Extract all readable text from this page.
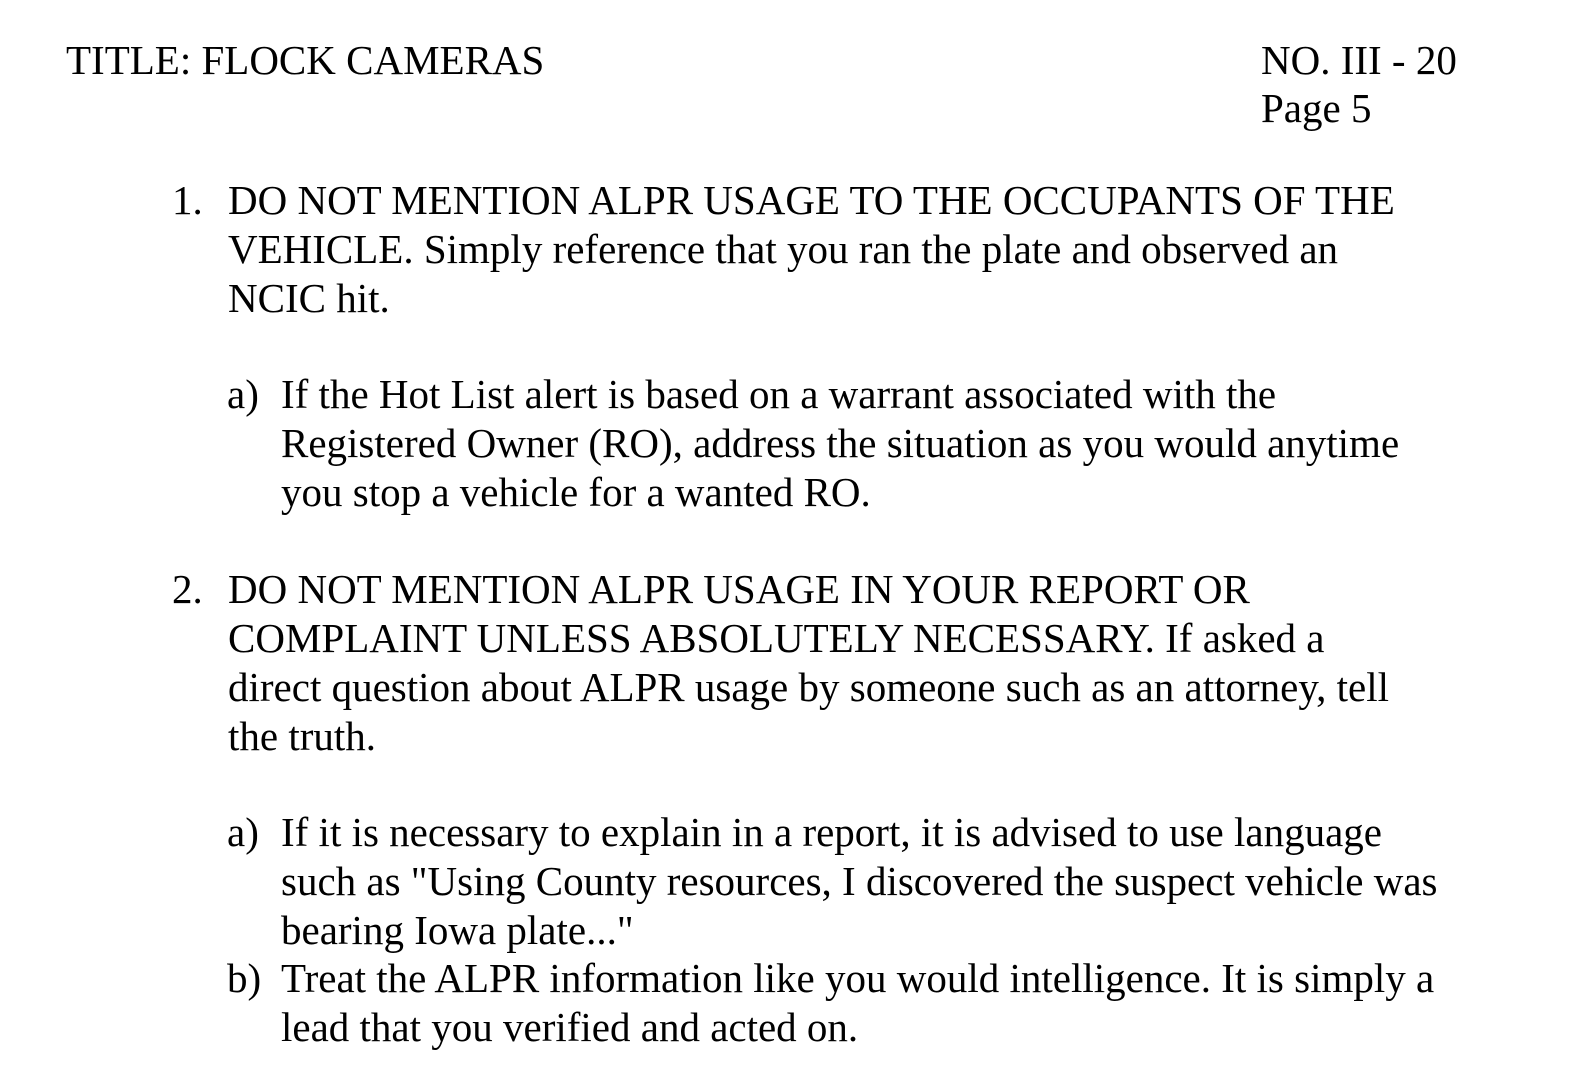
TITLE: FLOCK CAMERAS	NO. III - 20
Page 5
1. DO NOT MENTION ALPR USAGE TO THE OCCUPANTS OF THE
VEHICLE. Simply reference that you ran the plate and observed an
NCIC hit.
a) If the Hot List alert is based on a warrant associated with the
Registered Owner (RO), address the situation as you would anytime
you stop a vehicle for a wanted RO.
2. DO NOT MENTION ALPR USAGE IN YOUR REPORT OR
COMPLAINT UNLESS ABSOLUTELY NECESSARY. If asked a
direct question about ALPR usage by someone such as an attorney, tell
the truth.
a) If it is necessary to explain in a report, it is advised to use language
such as "Using County resources, I discovered the suspect vehicle was
bearing Iowa plate..."
b) Treat the ALPR information like you would intelligence. It is simply a
lead that you verified and acted on.
